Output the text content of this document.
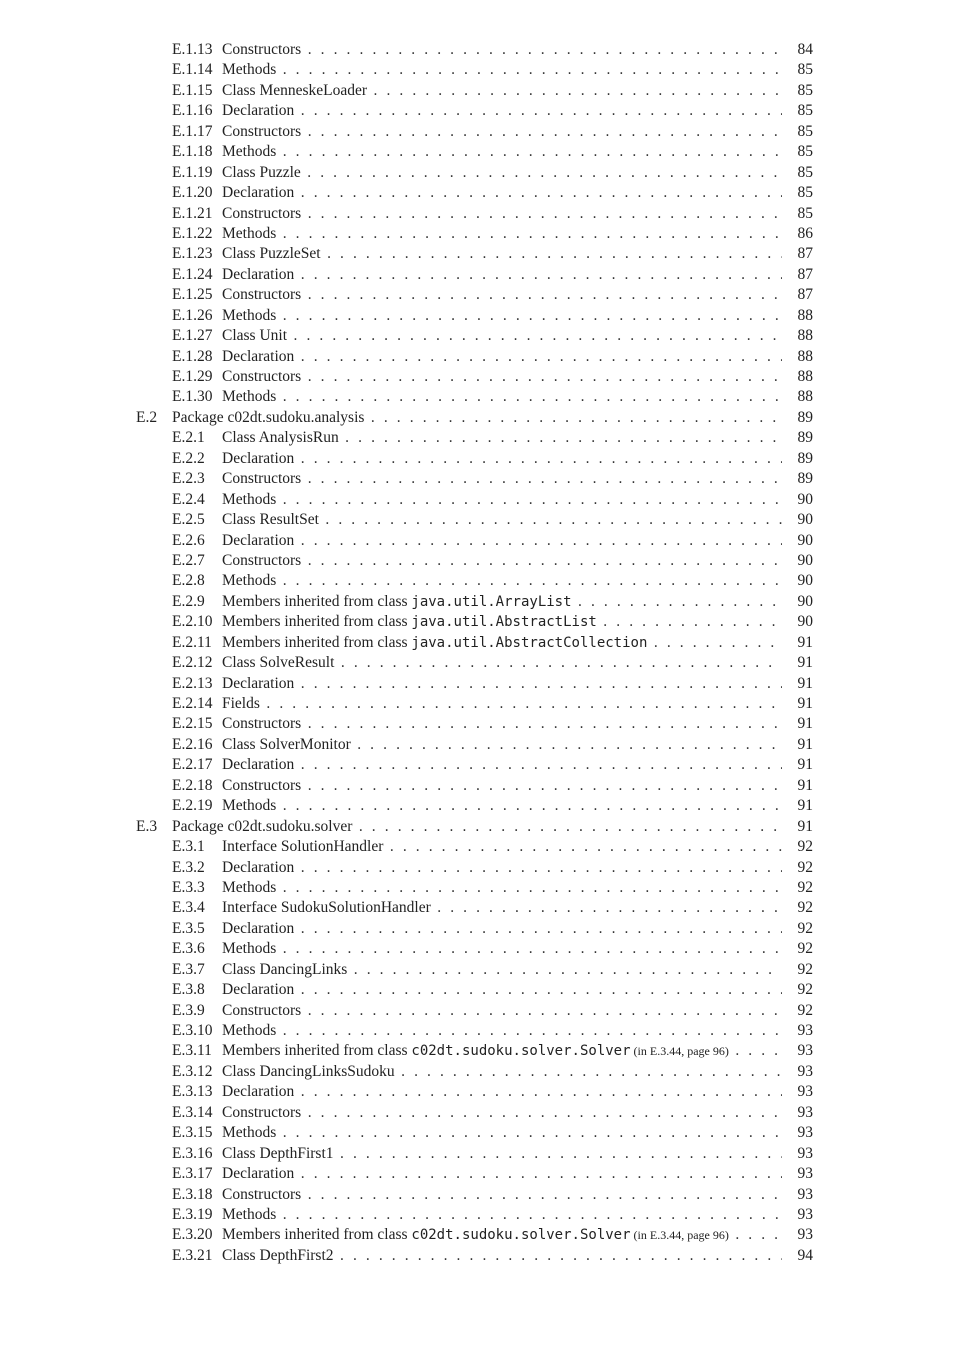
E.1.13 Constructors . . .	84
E.1.14 Methods . . .	85
E.1.15 Class MenneskeLoader . . .	85
E.1.16 Declaration . . .	85
E.1.17 Constructors . . .	85
E.1.18 Methods . . .	85
E.1.19 Class Puzzle . . .	85
E.1.20 Declaration . . .	85
E.1.21 Constructors . . .	85
E.1.22 Methods . . .	86
E.1.23 Class PuzzleSet . . .	87
E.1.24 Declaration . . .	87
E.1.25 Constructors . . .	87
E.1.26 Methods . . .	88
E.1.27 Class Unit . . .	88
E.1.28 Declaration . . .	88
E.1.29 Constructors . . .	88
E.1.30 Methods . . .	88
E.2 Package c02dt.sudoku.analysis . . .	89
E.2.1 Class AnalysisRun . . .	89
E.2.2 Declaration . . .	89
E.2.3 Constructors . . .	89
E.2.4 Methods . . .	90
E.2.5 Class ResultSet . . .	90
E.2.6 Declaration . . .	90
E.2.7 Constructors . . .	90
E.2.8 Methods . . .	90
E.2.9 Members inherited from class java.util.ArrayList . . .	90
E.2.10 Members inherited from class java.util.AbstractList . . .	90
E.2.11 Members inherited from class java.util.AbstractCollection . . .	91
E.2.12 Class SolveResult . . .	91
E.2.13 Declaration . . .	91
E.2.14 Fields . . .	91
E.2.15 Constructors . . .	91
E.2.16 Class SolverMonitor . . .	91
E.2.17 Declaration . . .	91
E.2.18 Constructors . . .	91
E.2.19 Methods . . .	91
E.3 Package c02dt.sudoku.solver . . .	91
E.3.1 Interface SolutionHandler . . .	92
E.3.2 Declaration . . .	92
E.3.3 Methods . . .	92
E.3.4 Interface SudokuSolutionHandler . . .	92
E.3.5 Declaration . . .	92
E.3.6 Methods . . .	92
E.3.7 Class DancingLinks . . .	92
E.3.8 Declaration . . .	92
E.3.9 Constructors . . .	92
E.3.10 Methods . . .	93
E.3.11 Members inherited from class c02dt.sudoku.solver.Solver (in E.3.44, page 96) . . .	93
E.3.12 Class DancingLinksSudoku . . .	93
E.3.13 Declaration . . .	93
E.3.14 Constructors . . .	93
E.3.15 Methods . . .	93
E.3.16 Class DepthFirst1 . . .	93
E.3.17 Declaration . . .	93
E.3.18 Constructors . . .	93
E.3.19 Methods . . .	93
E.3.20 Members inherited from class c02dt.sudoku.solver.Solver (in E.3.44, page 96) . . .	93
E.3.21 Class DepthFirst2 . . .	94
